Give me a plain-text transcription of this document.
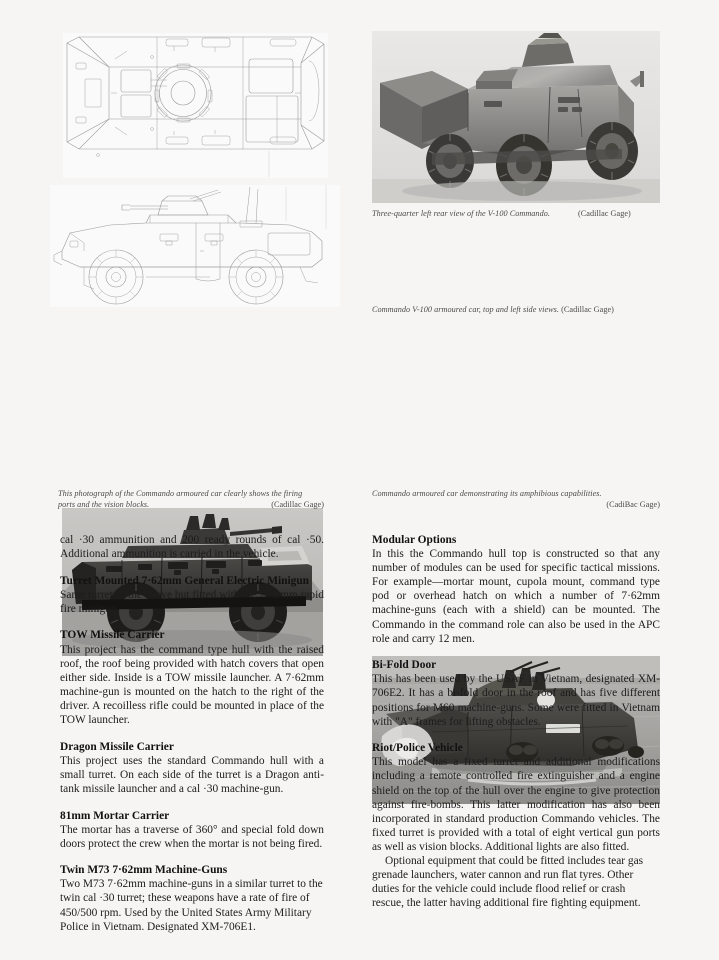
Three-quarter left rear view of the V-100 Commando.	(Cadillac Gage)
Commando V-100 armoured car, top and left side views. (Cadillac Gage)
This photograph of the Commando armoured car clearly shows the firing
ports and the vision blocks.	(Cadillac Gage)
Commando armoured car demonstrating its amphibious capabilities.
(CadiBac Gage)

cal ·30 ammunition and 200 ready rounds of cal ·50. Additional ammunition is carried in the vehicle.

Turret Mounted 7·62mm General Electric Minigun

Same turret as the above but fitted with the 7·62mm rapid fire minigun.

TOW Missile Carrier

This project has the command type hull with the raised roof, the roof being provided with hatch covers that open either side. Inside is a TOW missile launcher. A 7·62mm machine-gun is mounted on the hatch to the right of the driver. A recoilless rifle could be mounted in place of the TOW launcher.

Dragon Missile Carrier

This project uses the standard Commando hull with a small turret. On each side of the turret is a Dragon anti-tank missile launcher and a cal ·30 machine-gun.

81mm Mortar Carrier

The mortar has a traverse of 360° and special fold down doors protect the crew when the mortar is not being fired.

Twin M73 7·62mm Machine-Guns

Two M73 7·62mm machine-guns in a similar turret to the twin cal ·30 turret; these weapons have a rate of fire of 450/500 rpm. Used by the United States Army Military Police in Vietnam. Designated XM-706E1.

Modular Options

In this the Commando hull top is constructed so that any number of modules can be used for specific tactical missions. For example—mortar mount, cupola mount, command type pod or overhead hatch on which a number of 7·62mm machine-guns (each with a shield) can be mounted. The Commando in the command role can also be used in the APC role and carry 12 men.

Bi-Fold Door

This has been used by the USAF in Vietnam, designated XM-706E2. It has a bi-fold door in the roof and has five different positions for M60 machine-guns. Some were fitted in Vietnam with "A" frames for lifting obstacles.

Riot/Police Vehicle

This model has a fixed turret and additional modifications including a remote controlled fire extinguisher and a engine shield on the top of the hull over the engine to give protection against fire-bombs. This latter modification has also been incorporated in standard production Commando vehicles. The fixed turret is provided with a total of eight vertical gun ports as well as vision blocks. Additional lights are also fitted.

Optional equipment that could be fitted includes tear gas grenade launchers, water cannon and run flat tyres. Other duties for the vehicle could include flood relief or crash rescue, the latter having additional fire fighting equipment.
